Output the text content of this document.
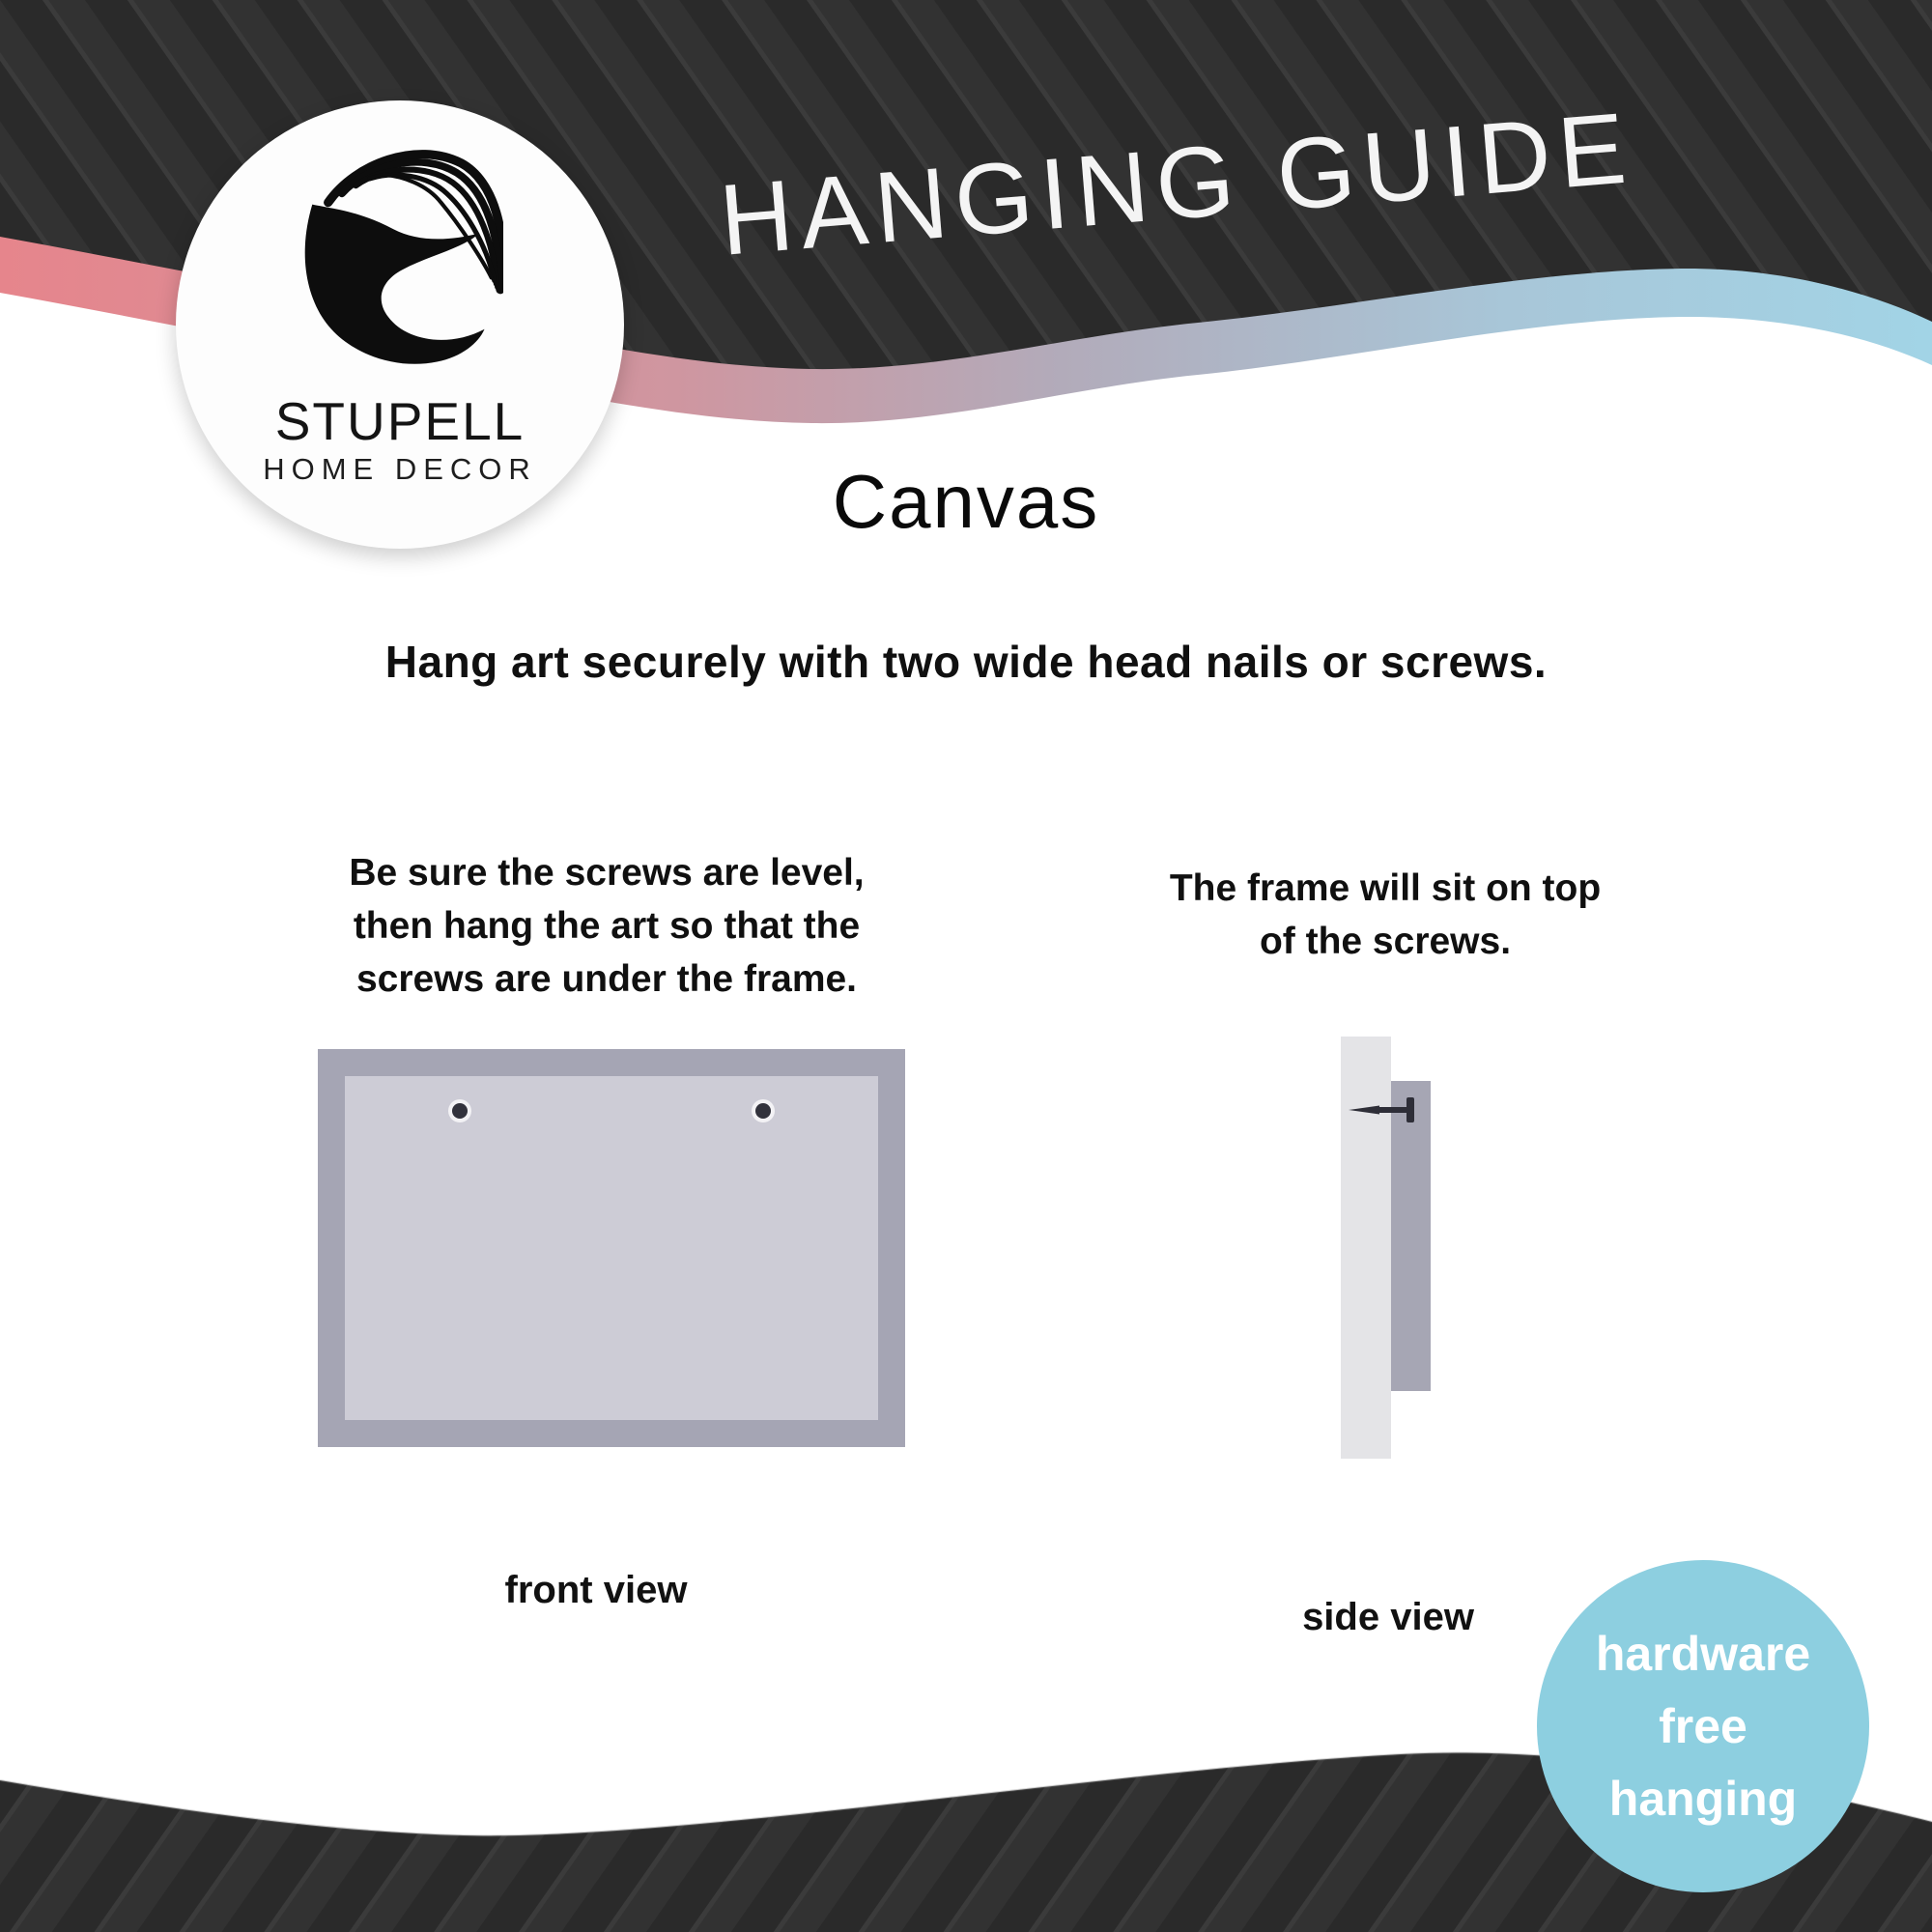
HANGING GUIDE
STUPELL
HOME DECOR	Canvas
Hang art securely with two wide head nails or screws.
Be sure the screws are level,
then hang the art so that the
screws are under the frame.
The frame will sit on top
of the screws.
front view
side view
hardware
free
hanging
